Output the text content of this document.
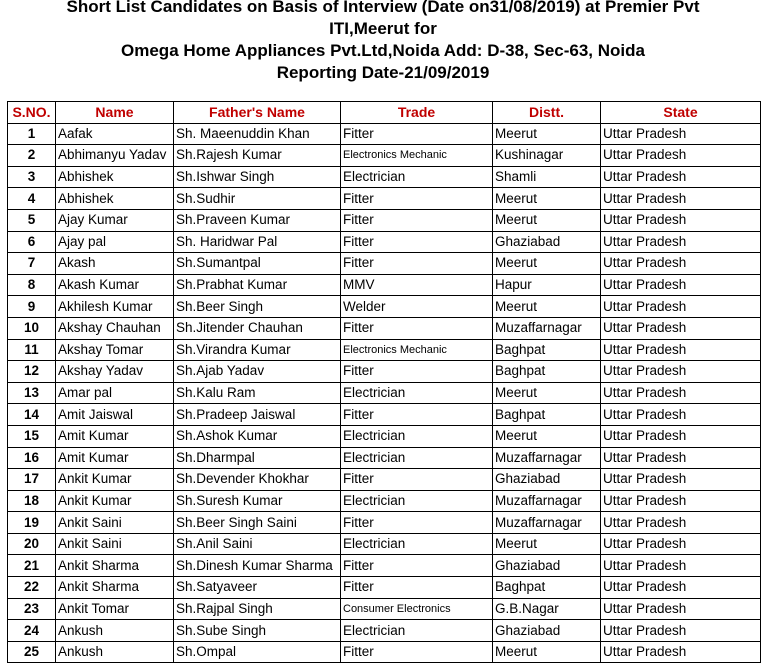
Short List Candidates on Basis of Interview (Date on31/08/2019) at Premier Pvt
ITI,Meerut for
Omega Home Appliances Pvt.Ltd,Noida Add: D-38, Sec-63, Noida
Reporting Date-21/09/2019
S.NO.	Name	Father's Name	Trade	Distt.	State
1	Aafak	Sh. Maeenuddin Khan	Fitter	Meerut	Uttar Pradesh
2	Abhimanyu Yadav	Sh.Rajesh Kumar	Electronics Mechanic	Kushinagar	Uttar Pradesh
3	Abhishek	Sh.Ishwar Singh	Electrician	Shamli	Uttar Pradesh
4	Abhishek	Sh.Sudhir	Fitter	Meerut	Uttar Pradesh
5	Ajay Kumar	Sh.Praveen Kumar	Fitter	Meerut	Uttar Pradesh
6	Ajay pal	Sh. Haridwar Pal	Fitter	Ghaziabad	Uttar Pradesh
7	Akash	Sh.Sumantpal	Fitter	Meerut	Uttar Pradesh
8	Akash Kumar	Sh.Prabhat Kumar	MMV	Hapur	Uttar Pradesh
9	Akhilesh Kumar	Sh.Beer Singh	Welder	Meerut	Uttar Pradesh
10	Akshay Chauhan	Sh.Jitender Chauhan	Fitter	Muzaffarnagar	Uttar Pradesh
11	Akshay Tomar	Sh.Virandra Kumar	Electronics Mechanic	Baghpat	Uttar Pradesh
12	Akshay Yadav	Sh.Ajab Yadav	Fitter	Baghpat	Uttar Pradesh
13	Amar pal	Sh.Kalu Ram	Electrician	Meerut	Uttar Pradesh
14	Amit Jaiswal	Sh.Pradeep Jaiswal	Fitter	Baghpat	Uttar Pradesh
15	Amit Kumar	Sh.Ashok Kumar	Electrician	Meerut	Uttar Pradesh
16	Amit Kumar	Sh.Dharmpal	Electrician	Muzaffarnagar	Uttar Pradesh
17	Ankit Kumar	Sh.Devender Khokhar	Fitter	Ghaziabad	Uttar Pradesh
18	Ankit Kumar	Sh.Suresh Kumar	Electrician	Muzaffarnagar	Uttar Pradesh
19	Ankit Saini	Sh.Beer Singh Saini	Fitter	Muzaffarnagar	Uttar Pradesh
20	Ankit Saini	Sh.Anil Saini	Electrician	Meerut	Uttar Pradesh
21	Ankit Sharma	Sh.Dinesh Kumar Sharma	Fitter	Ghaziabad	Uttar Pradesh
22	Ankit Sharma	Sh.Satyaveer	Fitter	Baghpat	Uttar Pradesh
23	Ankit Tomar	Sh.Rajpal Singh	Consumer Electronics	G.B.Nagar	Uttar Pradesh
24	Ankush	Sh.Sube Singh	Electrician	Ghaziabad	Uttar Pradesh
25	Ankush	Sh.Ompal	Fitter	Meerut	Uttar Pradesh
